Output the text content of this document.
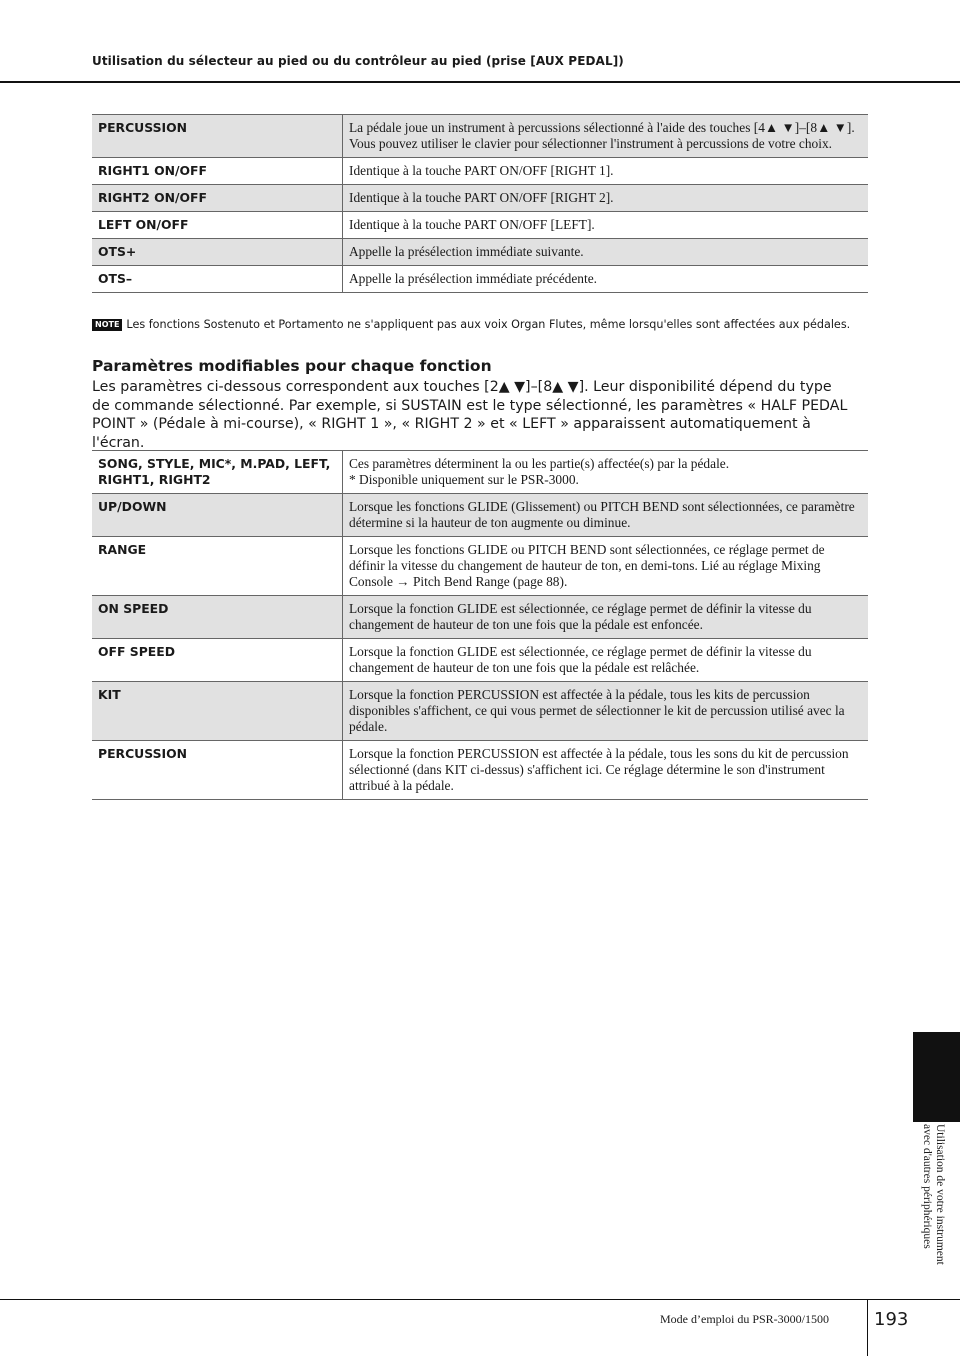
Utilisation du sélecteur au pied ou du contrôleur au pied (prise [AUX PEDAL])
PERCUSSION	La pédale joue un instrument à percussions sélectionné à l'aide des touches [4▲ ▼]–[8▲ ▼]. Vous pouvez utiliser le clavier pour sélectionner l'instrument à percussions de votre choix.
RIGHT1 ON/OFF	Identique à la touche PART ON/OFF [RIGHT 1].
RIGHT2 ON/OFF	Identique à la touche PART ON/OFF [RIGHT 2].
LEFT ON/OFF	Identique à la touche PART ON/OFF [LEFT].
OTS+	Appelle la présélection immédiate suivante.
OTS–	Appelle la présélection immédiate précédente.
NOTE Les fonctions Sostenuto et Portamento ne s'appliquent pas aux voix Organ Flutes, même lorsqu'elles sont affectées aux pédales.
Paramètres modifiables pour chaque fonction
Les paramètres ci-dessous correspondent aux touches [2▲ ▼]–[8▲ ▼]. Leur disponibilité dépend du type de commande sélectionné. Par exemple, si SUSTAIN est le type sélectionné, les paramètres « HALF PEDAL POINT » (Pédale à mi-course), « RIGHT 1 », « RIGHT 2 » et « LEFT » apparaissent automatiquement à l'écran.
SONG, STYLE, MIC*, M.PAD, LEFT, RIGHT1, RIGHT2	Ces paramètres déterminent la ou les partie(s) affectée(s) par la pédale.
* Disponible uniquement sur le PSR-3000.

UP/DOWN	Lorsque les fonctions GLIDE (Glissement) ou PITCH BEND sont sélectionnées, ce paramètre détermine si la hauteur de ton augmente ou diminue.
RANGE	Lorsque les fonctions GLIDE ou PITCH BEND sont sélectionnées, ce réglage permet de définir la vitesse du changement de hauteur de ton, en demi-tons. Lié au réglage Mixing Console → Pitch Bend Range (page 88).
ON SPEED	Lorsque la fonction GLIDE est sélectionnée, ce réglage permet de définir la vitesse du changement de hauteur de ton une fois que la pédale est enfoncée.
OFF SPEED	Lorsque la fonction GLIDE est sélectionnée, ce réglage permet de définir la vitesse du changement de hauteur de ton une fois que la pédale est relâchée.
KIT	Lorsque la fonction PERCUSSION est affectée à la pédale, tous les kits de percussion disponibles s'affichent, ce qui vous permet de sélectionner le kit de percussion utilisé avec la pédale.
PERCUSSION	Lorsque la fonction PERCUSSION est affectée à la pédale, tous les sons du kit de percussion sélectionné (dans KIT ci-dessus) s'affichent ici. Ce réglage détermine le son d'instrument attribué à la pédale.
Utilisation de votre instrument
avec d'autres périphériques
Mode d’emploi du PSR-3000/1500 193
